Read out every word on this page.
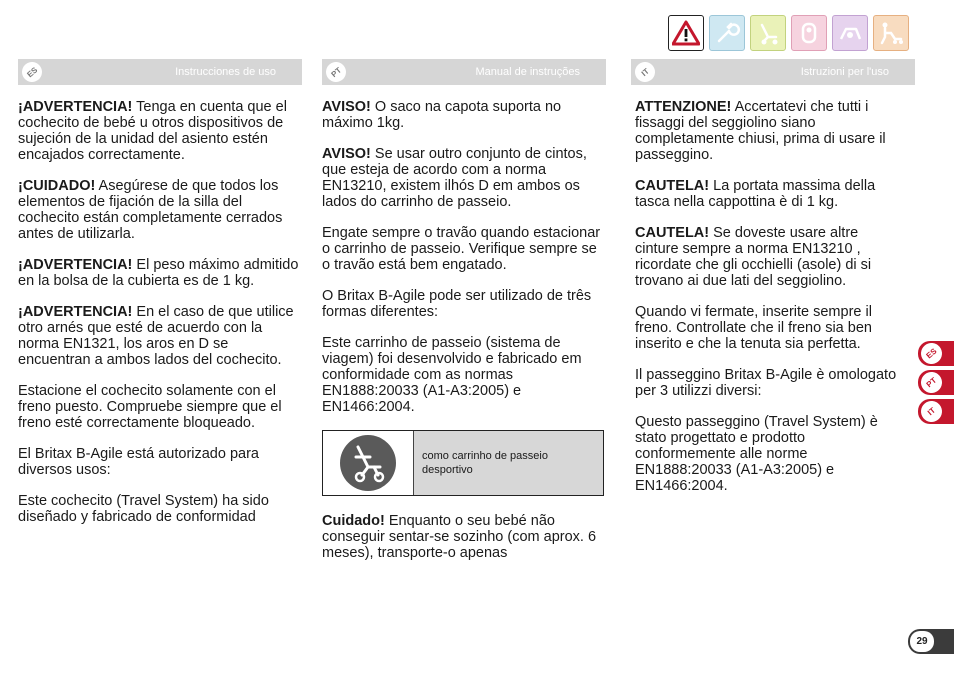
ES	Instrucciones de uso	PT	Manual de instruções	IT	Istruzioni per l'uso

¡ADVERTENCIA! Tenga en cuenta que el cochecito de bebé u otros dispositivos de sujeción de la unidad del asiento estén encajados correctamente.

¡CUIDADO! Asegúrese de que todos los elementos de fijación de la silla del cochecito están completamente cerrados antes de utilizarla.

¡ADVERTENCIA! El peso máximo admitido en la bolsa de la cubierta es de 1 kg.

¡ADVERTENCIA! En el caso de que utilice otro arnés que esté de acuerdo con la norma EN1321, los aros en D se encuentran a ambos lados del cochecito.

Estacione el cochecito solamente con el freno puesto. Compruebe siempre que el freno esté correctamente bloqueado.

El Britax B-Agile está autorizado para diversos usos:

Este cochecito (Travel System) ha sido diseñado y fabricado de conformidad

AVISO! O saco na capota suporta no máximo 1kg.

AVISO! Se usar outro conjunto de cintos, que esteja de acordo com a norma EN13210, existem ilhós D em ambos os lados do carrinho de passeio.

Engate sempre o travão quando estacionar o carrinho de passeio. Verifique sempre se o travão está bem engatado.

O Britax B-Agile pode ser utilizado de três formas diferentes:

Este carrinho de passeio (sistema de viagem) foi desenvolvido e fabricado em conformidade com as normas EN1888:20033 (A1-A3:2005) e EN1466:2004.

como carrinho de passeio desportivo

Cuidado! Enquanto o seu bebé não conseguir sentar-se sozinho (com aprox. 6 meses), transporte-o apenas

ATTENZIONE! Accertatevi che tutti i fissaggi del seggiolino siano completamente chiusi, prima di usare il passeggino.

CAUTELA! La portata massima della tasca nella cappottina è di 1 kg.

CAUTELA! Se doveste usare altre cinture sempre a norma EN13210 , ricordate che gli occhielli (asole) di si trovano ai due lati del seggiolino.

Quando vi fermate, inserite sempre il freno. Controllate che il freno sia ben inserito e che la tenuta sia perfetta.

Il passeggino Britax B-Agile è omologato per 3 utilizzi diversi:

Questo passeggino (Travel System) è stato progettato e prodotto conformemente alle norme EN1888:20033 (A1-A3:2005) e EN1466:2004.

ES
PT
IT
29
